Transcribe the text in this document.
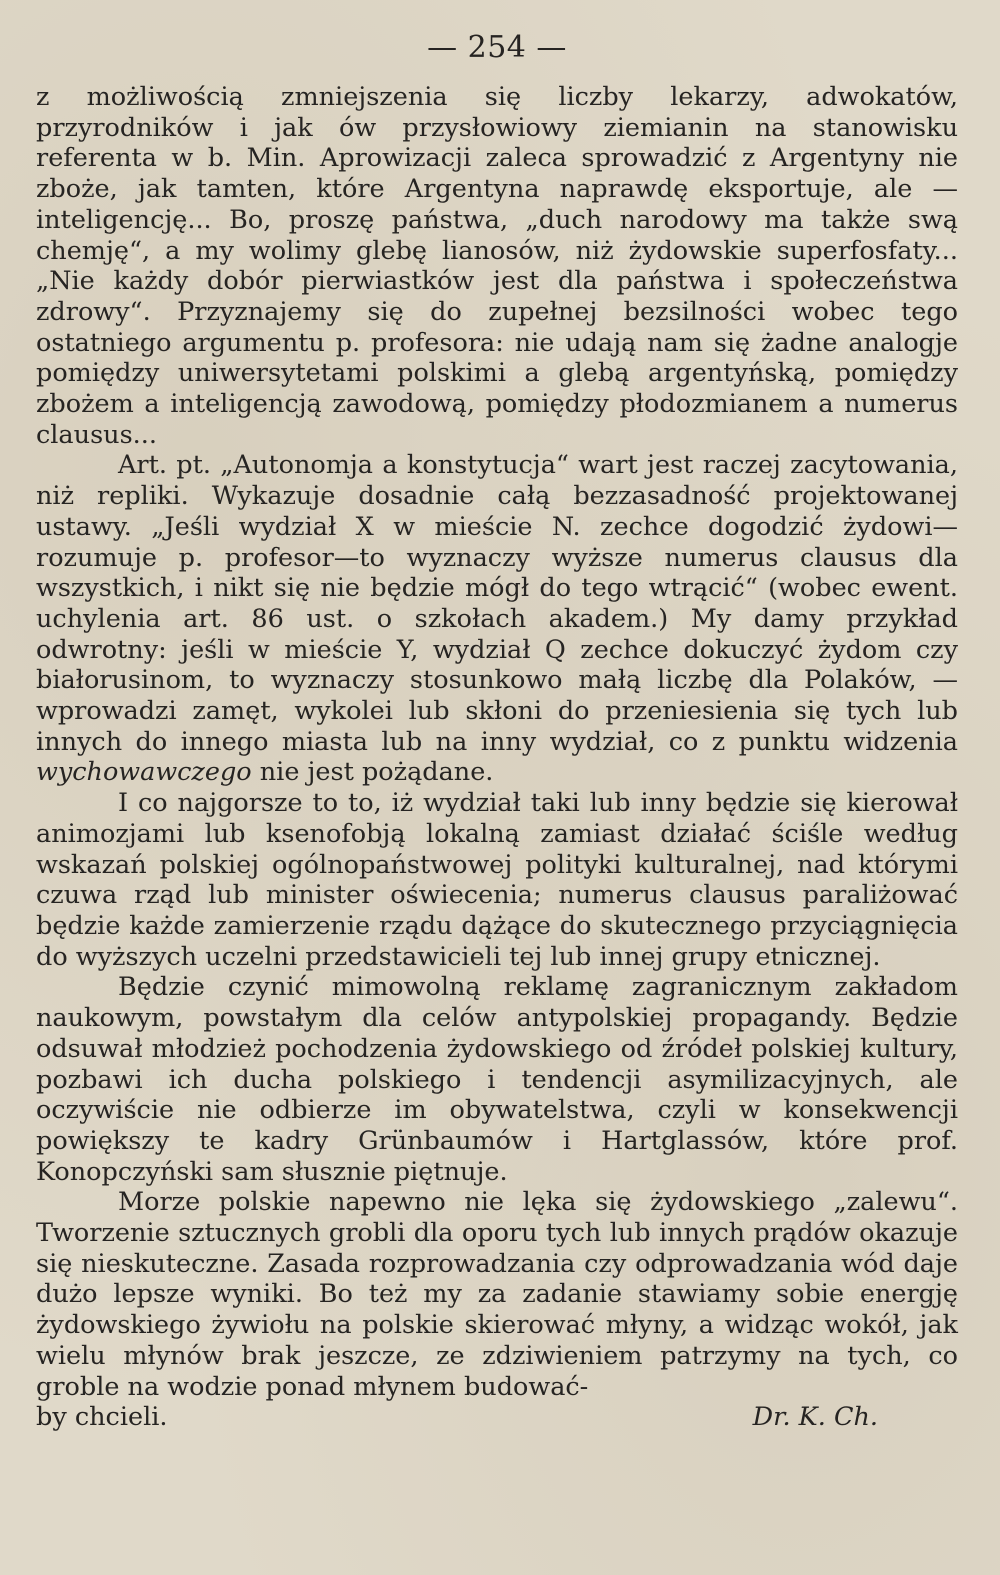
— 254 —

z możliwością zmniejszenia się liczby lekarzy, adwokatów, przyrodników i jak ów przysłowiowy ziemianin na stanowisku referenta w b. Min. Aprowizacji zaleca sprowadzić z Argentyny nie zboże, jak tamten, które Argentyna naprawdę eksportuje, ale — inteligencję... Bo, proszę państwa, „duch narodowy ma także swą chemję“, a my wolimy glebę lianosów, niż żydowskie superfosfaty... „Nie każdy dobór pierwiastków jest dla państwa i społeczeństwa zdrowy“. Przyznajemy się do zupełnej bezsilności wobec tego ostatniego argumentu p. profesora: nie udają nam się żadne analogje pomiędzy uniwersytetami polskimi a glebą argentyńską, pomiędzy zbożem a inteligencją zawodową, pomiędzy płodozmianem a numerus clausus...

Art. pt. „Autonomja a konstytucja“ wart jest raczej zacytowania, niż repliki. Wykazuje dosadnie całą bezzasadność projektowanej ustawy. „Jeśli wydział X w mieście N. zechce dogodzić żydowi—rozumuje p. profesor—to wyznaczy wyższe numerus clausus dla wszystkich, i nikt się nie będzie mógł do tego wtrącić“ (wobec ewent. uchylenia art. 86 ust. o szkołach akadem.) My damy przykład odwrotny: jeśli w mieście Y, wydział Q zechce dokuczyć żydom czy białorusinom, to wyznaczy stosunkowo małą liczbę dla Polaków, —wprowadzi zamęt, wykolei lub skłoni do przeniesienia się tych lub innych do innego miasta lub na inny wydział, co z punktu widzenia wychowawczego nie jest pożądane.

I co najgorsze to to, iż wydział taki lub inny będzie się kierował animozjami lub ksenofobją lokalną zamiast działać ściśle według wskazań polskiej ogólnopaństwowej polityki kulturalnej, nad którymi czuwa rząd lub minister oświecenia; numerus clausus paraliżować będzie każde zamierzenie rządu dążące do skutecznego przyciągnięcia do wyższych uczelni przedstawicieli tej lub innej grupy etnicznej.

Będzie czynić mimowolną reklamę zagranicznym zakładom naukowym, powstałym dla celów antypolskiej propagandy. Będzie odsuwał młodzież pochodzenia żydowskiego od źródeł polskiej kultury, pozbawi ich ducha polskiego i tendencji asymilizacyjnych, ale oczywiście nie odbierze im obywatelstwa, czyli w konsekwencji powiększy te kadry Grünbaumów i Hartglassów, które prof. Konopczyński sam słusznie piętnuje.

Morze polskie napewno nie lęka się żydowskiego „zalewu“. Tworzenie sztucznych grobli dla oporu tych lub innych prądów okazuje się nieskuteczne. Zasada rozprowadzania czy odprowadzania wód daje dużo lepsze wyniki. Bo też my za zadanie stawiamy sobie energję żydowskiego żywiołu na polskie skierować młyny, a widząc wokół, jak wielu młynów brak jeszcze, ze zdziwieniem patrzymy na tych, co groble na wodzie ponad młynem budować-

by chcieli.	Dr. K. Ch.
